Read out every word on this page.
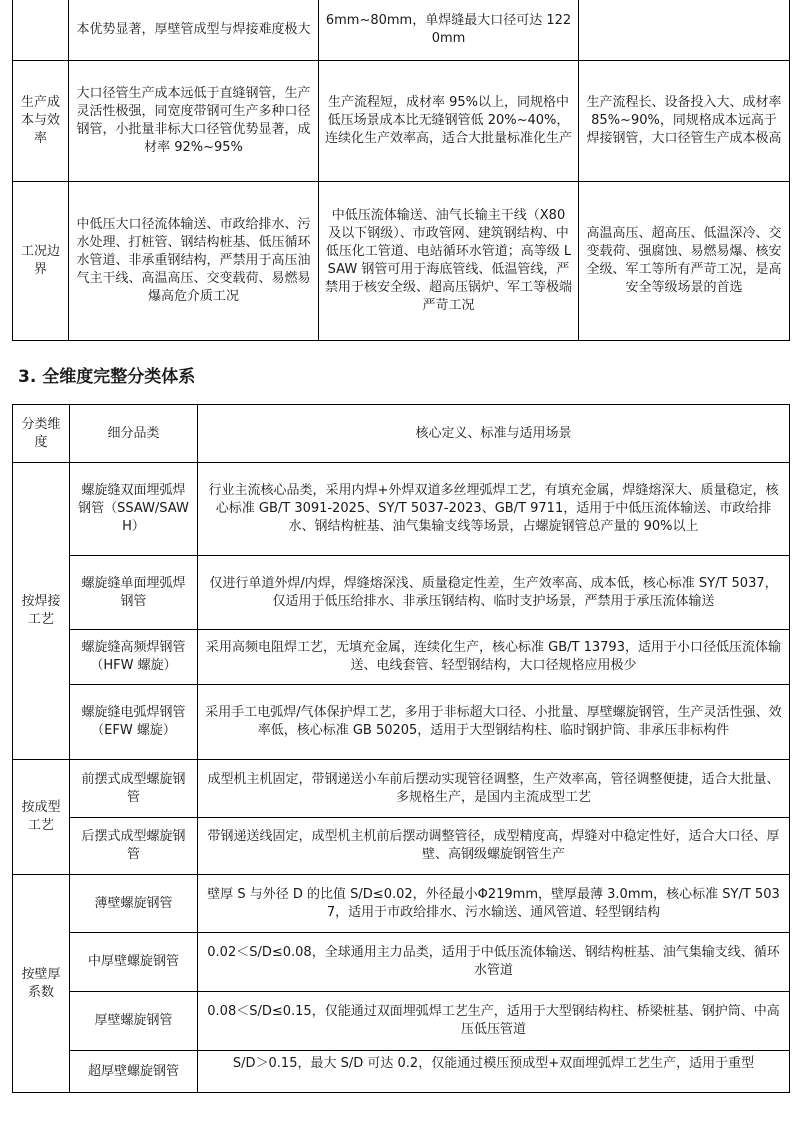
	本优势显著，厚壁管成型与焊接难度极大	6mm~80mm，单焊缝最大口径可达 1220mm	
生产成本与效率	大口径管生产成本远低于直缝钢管，生产灵活性极强，同宽度带钢可生产多种口径钢管，小批量非标大口径管优势显著，成材率 92%~95%	生产流程短，成材率 95%以上，同规格中低压场景成本比无缝钢管低 20%~40%，连续化生产效率高，适合大批量标准化生产	生产流程长、设备投入大、成材率 85%~90%，同规格成本远高于焊接钢管，大口径管生产成本极高
工况边界	中低压大口径流体输送、市政给排水、污水处理、打桩管、钢结构桩基、低压循环水管道、非承重钢结构，严禁用于高压油气主干线、高温高压、交变载荷、易燃易爆高危介质工况	中低压流体输送、油气长输主干线（X80 及以下钢级）、市政管网、建筑钢结构、中低压化工管道、电站循环水管道；高等级 LSAW 钢管可用于海底管线、低温管线，严禁用于核安全级、超高压锅炉、军工等极端严苛工况	高温高压、超高压、低温深冷、交变载荷、强腐蚀、易燃易爆、核安全级、军工等所有严苛工况，是高安全等级场景的首选
3. 全维度完整分类体系
分类维度	细分品类	核心定义、标准与适用场景
按焊接工艺	螺旋缝双面埋弧焊钢管（SSAW/SAWH）	行业主流核心品类，采用内焊+外焊双道多丝埋弧焊工艺，有填充金属，焊缝熔深大、质量稳定，核心标准 GB/T 3091-2025、SY/T 5037-2023、GB/T 9711，适用于中低压流体输送、市政给排水、钢结构桩基、油气集输支线等场景，占螺旋钢管总产量的 90%以上
	螺旋缝单面埋弧焊钢管	仅进行单道外焊/内焊，焊缝熔深浅、质量稳定性差，生产效率高、成本低，核心标准 SY/T 5037，仅适用于低压给排水、非承压钢结构、临时支护场景，严禁用于承压流体输送
	螺旋缝高频焊钢管（HFW 螺旋）	采用高频电阻焊工艺，无填充金属，连续化生产，核心标准 GB/T 13793，适用于小口径低压流体输送、电线套管、轻型钢结构，大口径规格应用极少
	螺旋缝电弧焊钢管（EFW 螺旋）	采用手工电弧焊/气体保护焊工艺，多用于非标超大口径、小批量、厚壁螺旋钢管，生产灵活性强、效率低，核心标准 GB 50205，适用于大型钢结构柱、临时钢护筒、非承压非标构件
按成型工艺	前摆式成型螺旋钢管	成型机主机固定，带钢递送小车前后摆动实现管径调整，生产效率高，管径调整便捷，适合大批量、多规格生产，是国内主流成型工艺
	后摆式成型螺旋钢管	带钢递送线固定，成型机主机前后摆动调整管径，成型精度高，焊缝对中稳定性好，适合大口径、厚壁、高钢级螺旋钢管生产
按壁厚系数	薄壁螺旋钢管	壁厚 S 与外径 D 的比值 S/D≤0.02，外径最小Φ219mm，壁厚最薄 3.0mm，核心标准 SY/T 5037，适用于市政给排水、污水输送、通风管道、轻型钢结构
	中厚壁螺旋钢管	0.02＜S/D≤0.08，全球通用主力品类，适用于中低压流体输送、钢结构桩基、油气集输支线、循环水管道
	厚壁螺旋钢管	0.08＜S/D≤0.15，仅能通过双面埋弧焊工艺生产，适用于大型钢结构柱、桥梁桩基、钢护筒、中高压低压管道
	超厚壁螺旋钢管	S/D＞0.15，最大 S/D 可达 0.2，仅能通过模压预成型+双面埋弧焊工艺生产，适用于重型
